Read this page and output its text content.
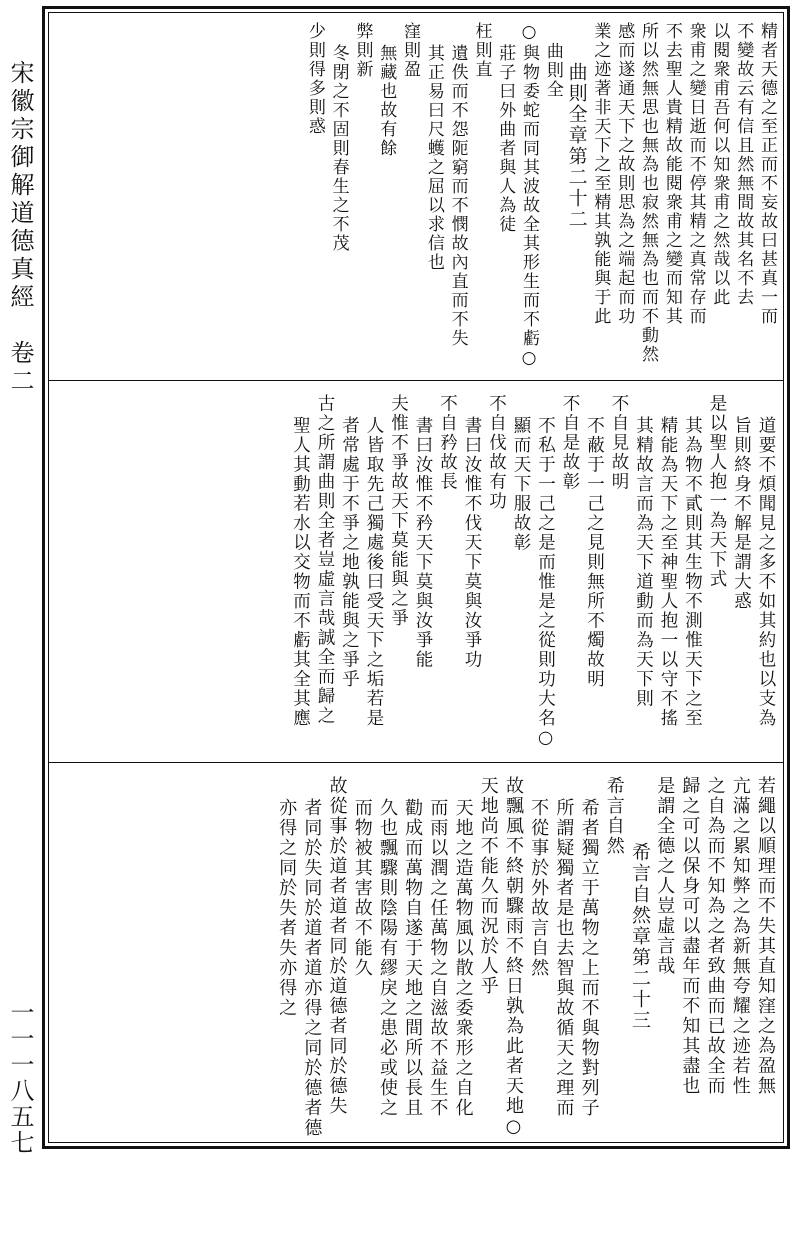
宋徽宗御解道德真經　卷二
一一一八五七
精者天德之至正而不妄故曰甚真一而
不變故云有信且然無間故其名不去
以閱衆甫吾何以知衆甫之然哉以此
衆甫之變日逝而不停其精之真常存而
不去聖人貴精故能閱衆甫之變而知其
所以然無思也無為也寂然無為也而不動然
感而遂通天下之故則思為之端起而功
業之迹著非天下之至精其孰能與于此
曲則全章第二十二
曲則全
○與物委蛇而同其波故全其形生而不虧○
莊子曰外曲者與人為徒
枉則直
遺佚而不怨阨窮而不憫故內直而不失
其正易曰尺蠖之屈以求信也
窪則盈
無藏也故有餘
弊則新
冬閉之不固則春生之不茂
少則得多則惑
道要不煩聞見之多不如其約也以支為
旨則終身不解是謂大惑
是以聖人抱一為天下式
其為物不貳則其生物不測惟天下之至
精能為天下之至神聖人抱一以守不搖
其精故言而為天下道動而為天下則
不自見故明
不蔽于一己之見則無所不燭故明
不自是故彰
不私于一己之是而惟是之從則功大名○
顯而天下服故彰
不自伐故有功
書曰汝惟不伐天下莫與汝爭功
不自矜故長
書曰汝惟不矜天下莫與汝爭能
夫惟不爭故天下莫能與之爭
人皆取先己獨處後曰受天下之垢若是
者常處于不爭之地孰能與之爭乎
古之所謂曲則全者豈虛言哉誠全而歸之
聖人其動若水以交物而不虧其全其應
若繩以順理而不失其直知窪之為盈無
亢滿之累知弊之為新無夸耀之迹若性
之自為而不知為之者致曲而已故全而
歸之可以保身可以盡年而不知其盡也
是謂全德之人豈虛言哉
希言自然章第二十三
希言自然
希者獨立于萬物之上而不與物對列子
所謂疑獨者是也去智與故循天之理而
不從事於外故言自然
故飄風不終朝驟雨不終日孰為此者天地○
天地尚不能久而況於人乎
天地之造萬物風以散之委衆形之自化
而雨以潤之任萬物之自滋故不益生不
勸成而萬物自遂于天地之間所以長且
久也飄驟則陰陽有繆戾之患必或使之
而物被其害故不能久
故從事於道者道者同於道德者同於德失
者同於失同於道者道亦得之同於德者德
亦得之同於失者失亦得之
